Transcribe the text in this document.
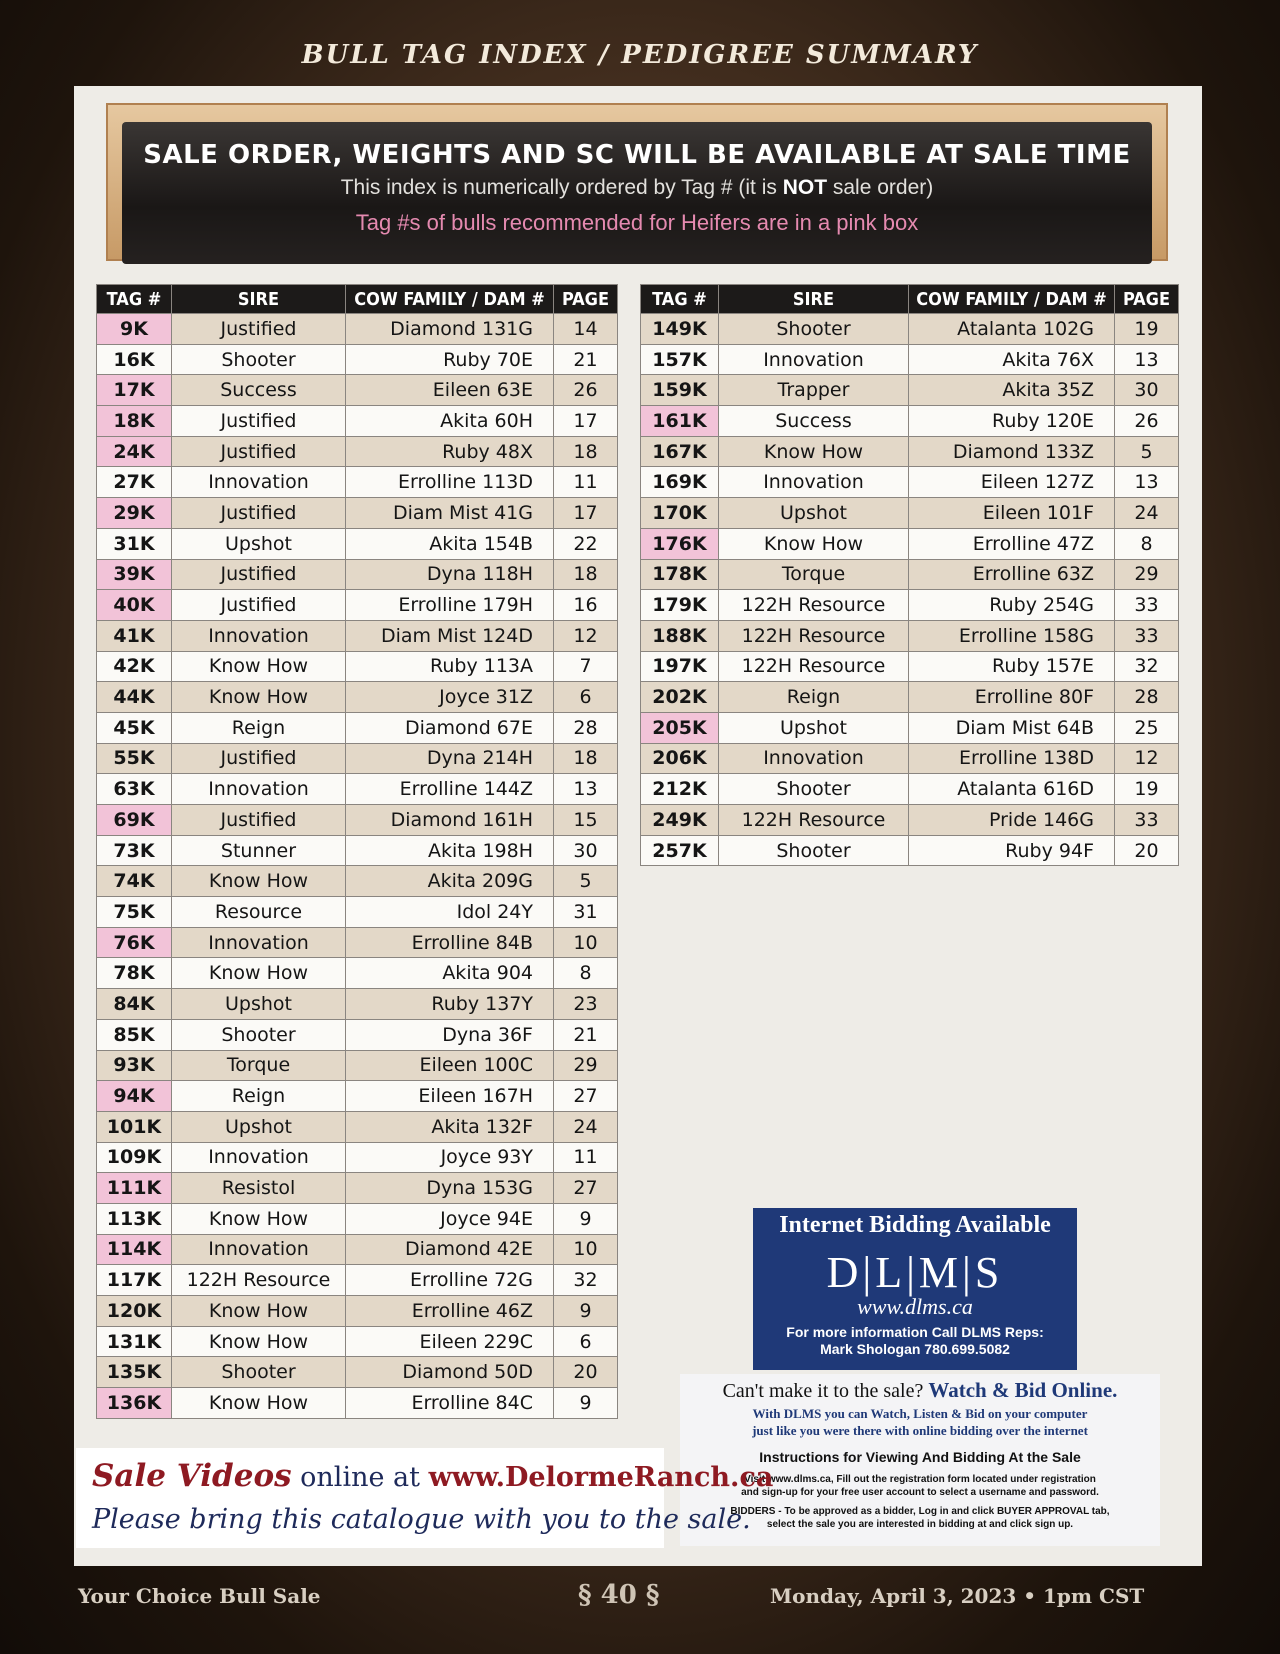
BULL TAG INDEX / PEDIGREE SUMMARY
SALE ORDER, WEIGHTS AND SC WILL BE AVAILABLE AT SALE TIME
This index is numerically ordered by Tag # (it is NOT sale order)
Tag #s of bulls recommended for Heifers are in a pink box
TAG #	SIRE	COW FAMILY / DAM #	PAGE
9K	Justified	Diamond 131G	14
16K	Shooter	Ruby 70E	21
17K	Success	Eileen 63E	26
18K	Justified	Akita 60H	17
24K	Justified	Ruby 48X	18
27K	Innovation	Errolline 113D	11
29K	Justified	Diam Mist 41G	17
31K	Upshot	Akita 154B	22
39K	Justified	Dyna 118H	18
40K	Justified	Errolline 179H	16
41K	Innovation	Diam Mist 124D	12
42K	Know How	Ruby 113A	7
44K	Know How	Joyce 31Z	6
45K	Reign	Diamond 67E	28
55K	Justified	Dyna 214H	18
63K	Innovation	Errolline 144Z	13
69K	Justified	Diamond 161H	15
73K	Stunner	Akita 198H	30
74K	Know How	Akita 209G	5
75K	Resource	Idol 24Y	31
76K	Innovation	Errolline 84B	10
78K	Know How	Akita 904	8
84K	Upshot	Ruby 137Y	23
85K	Shooter	Dyna 36F	21
93K	Torque	Eileen 100C	29
94K	Reign	Eileen 167H	27
101K	Upshot	Akita 132F	24
109K	Innovation	Joyce 93Y	11
111K	Resistol	Dyna 153G	27
113K	Know How	Joyce 94E	9
114K	Innovation	Diamond 42E	10
117K	122H Resource	Errolline 72G	32
120K	Know How	Errolline 46Z	9
131K	Know How	Eileen 229C	6
135K	Shooter	Diamond 50D	20
136K	Know How	Errolline 84C	9
TAG #	SIRE	COW FAMILY / DAM #	PAGE
149K	Shooter	Atalanta 102G	19
157K	Innovation	Akita 76X	13
159K	Trapper	Akita 35Z	30
161K	Success	Ruby 120E	26
167K	Know How	Diamond 133Z	5
169K	Innovation	Eileen 127Z	13
170K	Upshot	Eileen 101F	24
176K	Know How	Errolline 47Z	8
178K	Torque	Errolline 63Z	29
179K	122H Resource	Ruby 254G	33
188K	122H Resource	Errolline 158G	33
197K	122H Resource	Ruby 157E	32
202K	Reign	Errolline 80F	28
205K	Upshot	Diam Mist 64B	25
206K	Innovation	Errolline 138D	12
212K	Shooter	Atalanta 616D	19
249K	122H Resource	Pride 146G	33
257K	Shooter	Ruby 94F	20
Internet Bidding Available
D|L|M|S
www.dlms.ca
For more information Call DLMS Reps:
Mark Shologan 780.699.5082
Can't make it to the sale? Watch & Bid Online.
With DLMS you can Watch, Listen & Bid on your computer
just like you were there with online bidding over the internet
Instructions for Viewing And Bidding At the Sale
Visit www.dlms.ca, Fill out the registration form located under registration
and sign-up for your free user account to select a username and password.
BIDDERS - To be approved as a bidder, Log in and click BUYER APPROVAL tab,
select the sale you are interested in bidding at and click sign up.
Sale Videos online at www.DelormeRanch.ca
Please bring this catalogue with you to the sale.
Your Choice Bull Sale	§ 40 §	Monday, April 3, 2023 • 1pm CST
